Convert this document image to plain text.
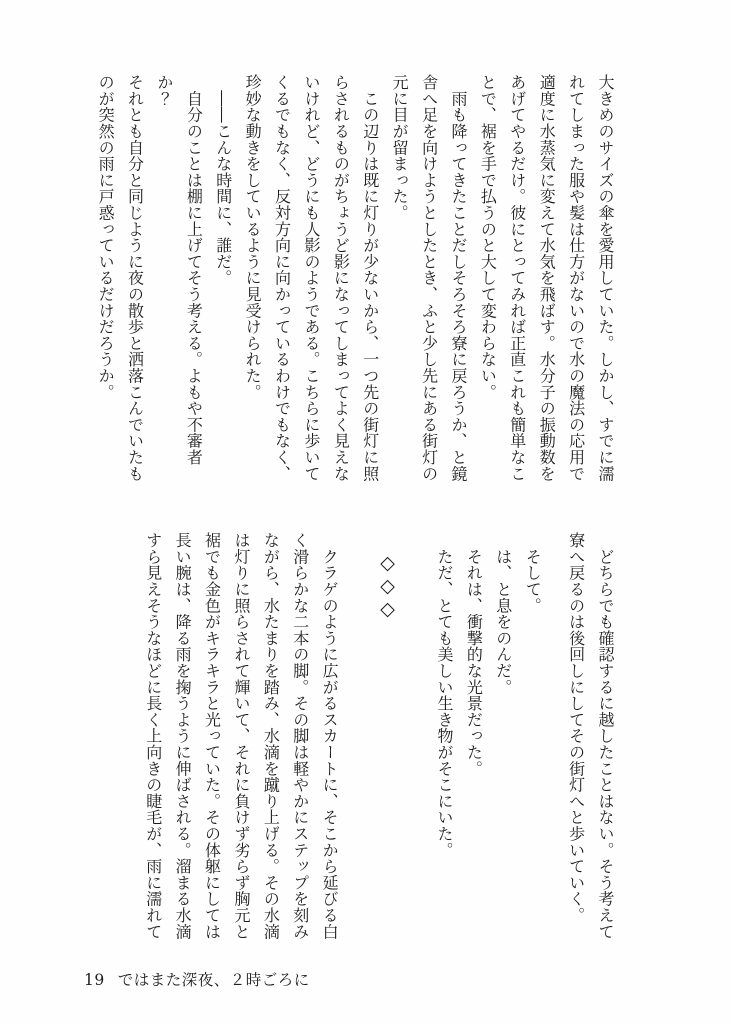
大きめのサイズの傘を愛用していた。しかし、すでに濡

れてしまった服や髪は仕方がないので水の魔法の応用で

適度に水蒸気に変えて水気を飛ばす。水分子の振動数を

あげてやるだけ。彼にとってみれば正直これも簡単なこ

とで、裾を手で払うのと大して変わらない。

　雨も降ってきたことだしそろそろ寮に戻ろうか、と鏡

舎へ足を向けようとしたとき、ふと少し先にある街灯の

元に目が留まった。

　この辺りは既に灯りが少ないから、一つ先の街灯に照

らされるものがちょうど影になってしまってよく見えな

いけれど、どうにも人影のようである。こちらに歩いて

くるでもなく、反対方向に向かっているわけでもなく、

珍妙な動きをしているように見受けられた。

　――こんな時間に、誰だ。

　自分のことは棚に上げてそう考える。よもや不審者か？

それとも自分と同じように夜の散歩と洒落こんでいたも

のが突然の雨に戸惑っているだけだろうか。

　どちらでも確認するに越したことはない。そう考えて

寮へ戻るのは後回しにしてその街灯へと歩いていく。

　そして。

　は、と息をのんだ。

　それは、衝撃的な光景だった。

　ただ、とても美しい生き物がそこにいた。

　◇◇◇

　クラゲのように広がるスカートに、そこから延びる白

く滑らかな二本の脚。その脚は軽やかにステップを刻み

ながら、水たまりを踏み、水滴を蹴り上げる。その水滴

は灯りに照らされて輝いて、それに負けず劣らず胸元と

裾でも金色がキラキラと光っていた。その体躯にしては

長い腕は、降る雨を掬うように伸ばされる。溜まる水滴

すら見えそうなほどに長く上向きの睫毛が、雨に濡れて

19 ではまた深夜、２時ごろに
